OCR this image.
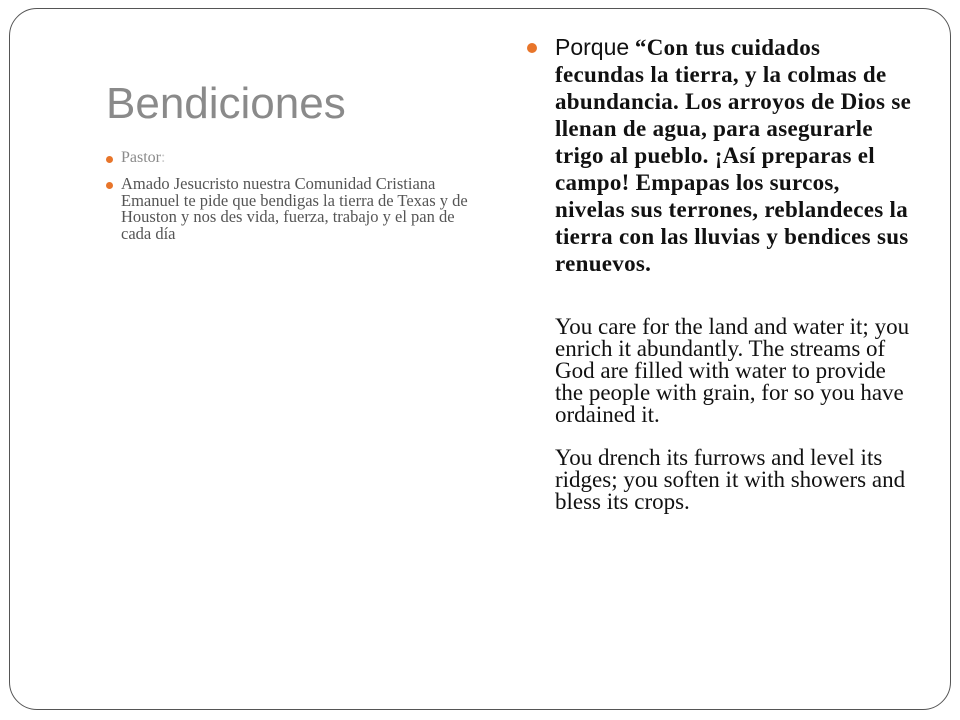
Bendiciones
Pastor:
Amado Jesucristo nuestra Comunidad Cristiana Emanuel te pide que bendigas la tierra de Texas y de Houston y nos des vida, fuerza, trabajo y el pan de cada día

Porque “Con tus cuidados fecundas la tierra, y la colmas de abundancia. Los arroyos de Dios se llenan de agua, para asegurarle trigo al pueblo. ¡Así preparas el campo! Empapas los surcos, nivelas sus terrones, reblandeces la tierra con las lluvias y bendices sus renuevos.

You care for the land and water it; you enrich it abundantly. The streams of God are filled with water to provide the people with grain, for so you have ordained it.

You drench its furrows and level its ridges; you soften it with showers and bless its crops.
